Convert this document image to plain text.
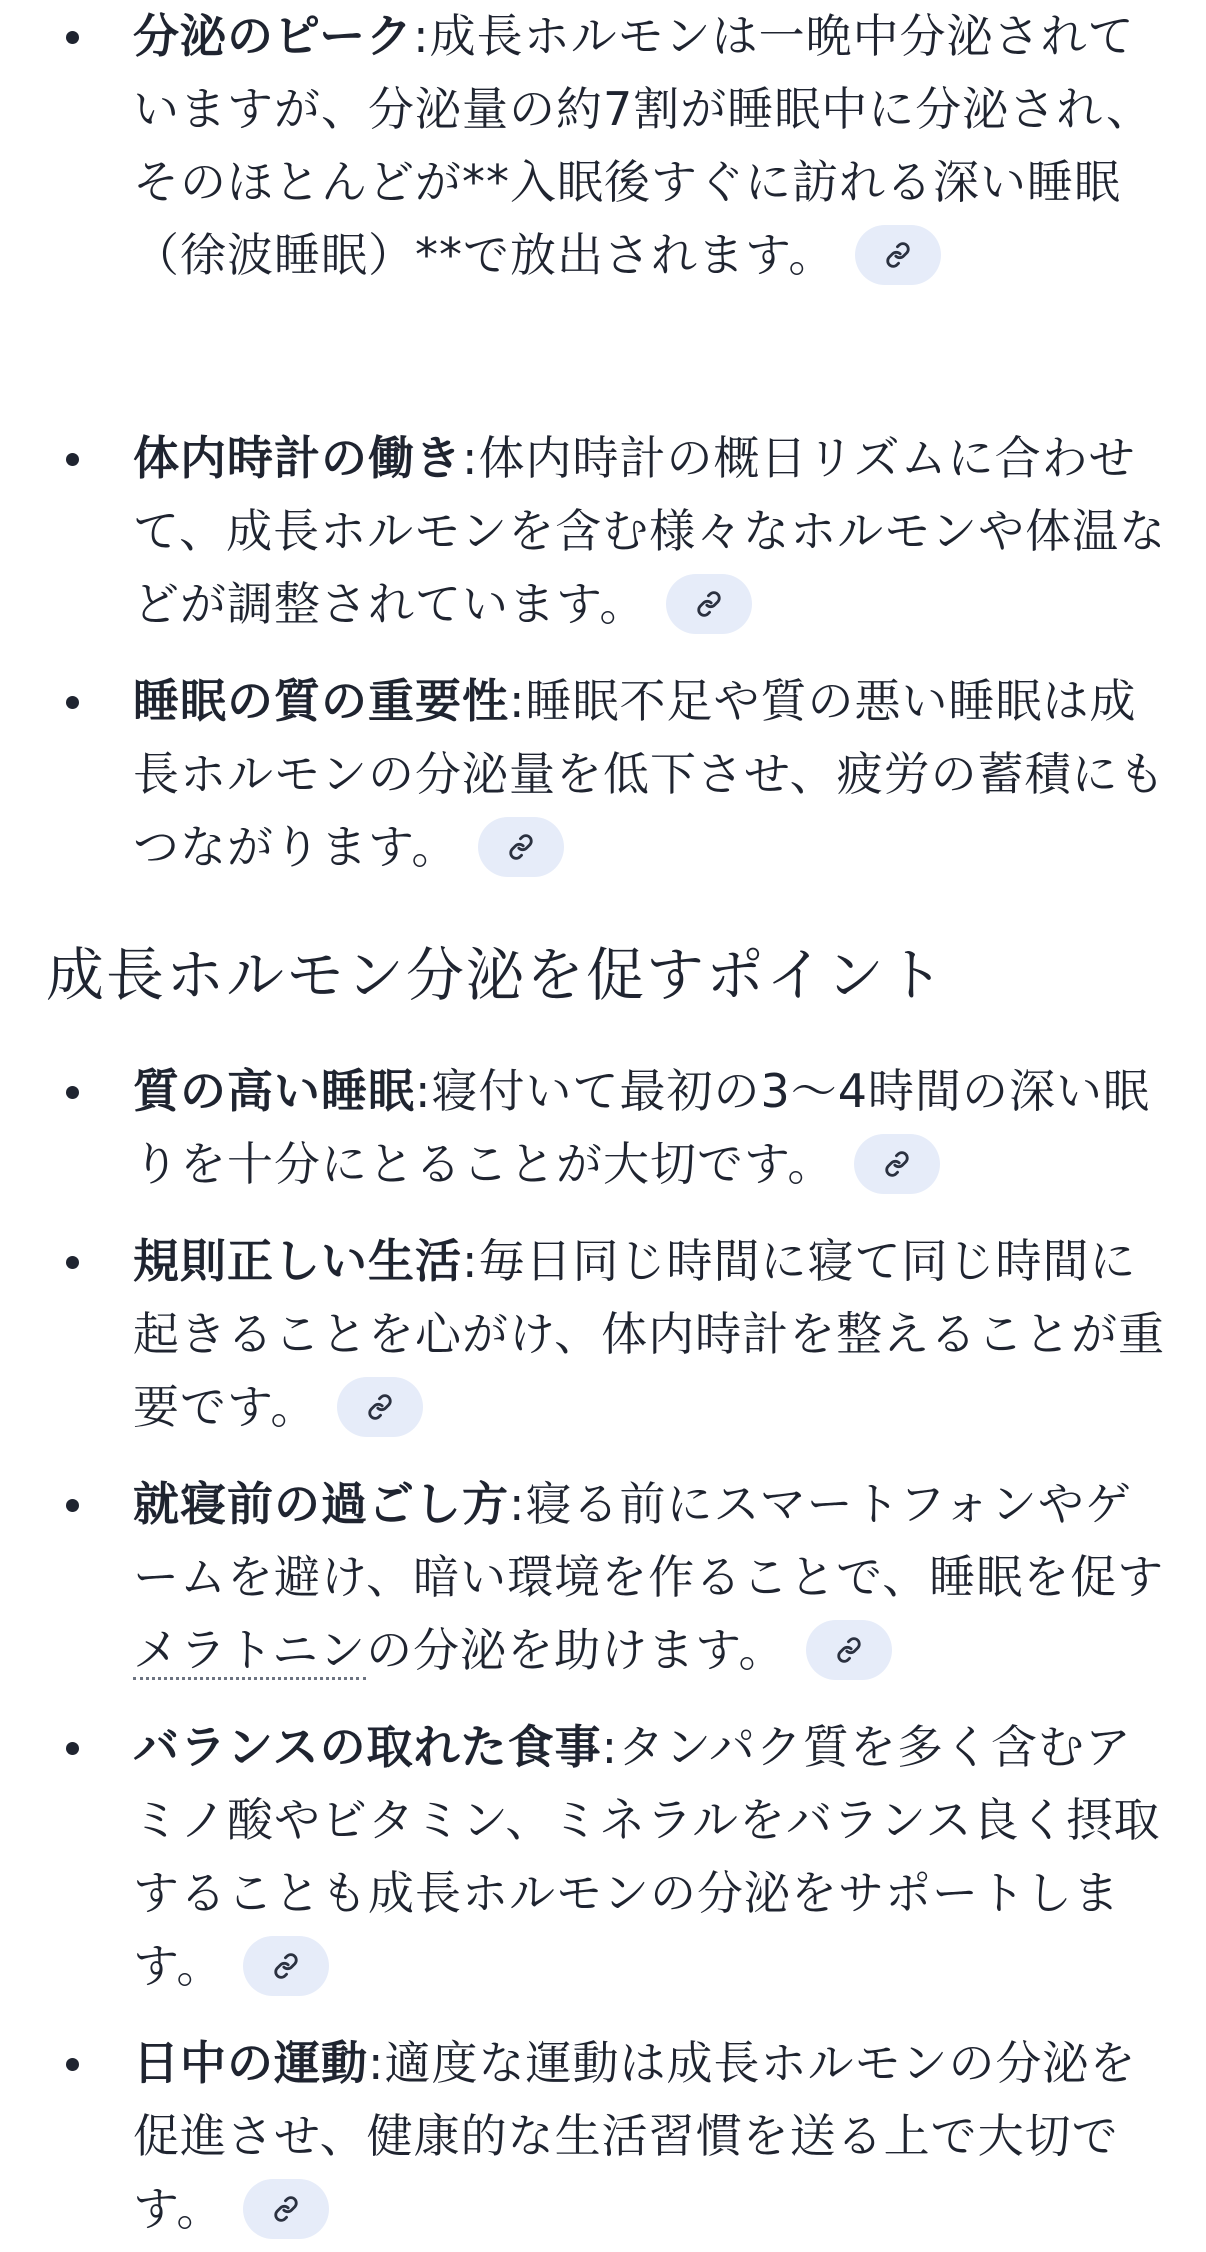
分泌のピーク:成長ホルモンは一晩中分泌されていますが、分泌量の約7割が睡眠中に分泌され、そのほとんどが**入眠後すぐに訪れる深い睡眠（徐波睡眠）**で放出されます。
体内時計の働き:体内時計の概日リズムに合わせて、成長ホルモンを含む様々なホルモンや体温などが調整されています。
睡眠の質の重要性:睡眠不足や質の悪い睡眠は成長ホルモンの分泌量を低下させ、疲労の蓄積にもつながります。
成長ホルモン分泌を促すポイント
質の高い睡眠:寝付いて最初の3〜4時間の深い眠りを十分にとることが大切です。
規則正しい生活:毎日同じ時間に寝て同じ時間に起きることを心がけ、体内時計を整えることが重要です。
就寝前の過ごし方:寝る前にスマートフォンやゲームを避け、暗い環境を作ることで、睡眠を促すメラトニンの分泌を助けます。
バランスの取れた食事:タンパク質を多く含むアミノ酸やビタミン、ミネラルをバランス良く摂取することも成長ホルモンの分泌をサポートします。
日中の運動:適度な運動は成長ホルモンの分泌を促進させ、健康的な生活習慣を送る上で大切です。
